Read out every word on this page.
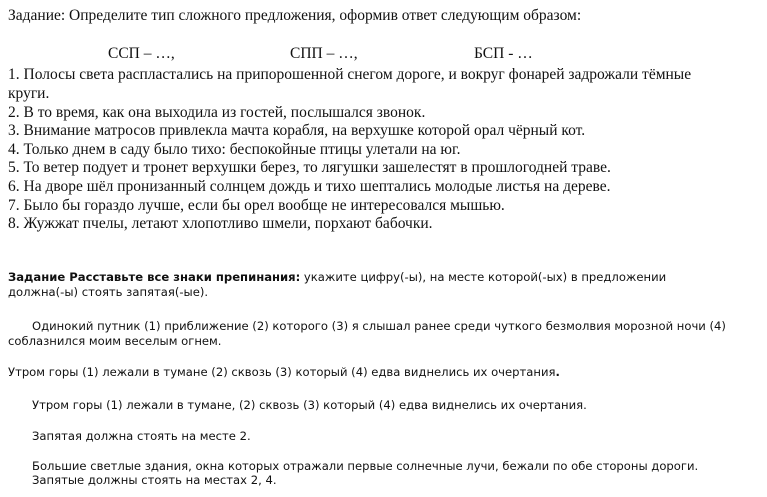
Задание: Определите тип сложного предложения, оформив ответ следующим образом:
ССП – …,	СПП – …,	БСП - …
1. Полосы света распластались на припорошенной снегом дороге, и вокруг фонарей задрожали тёмные
круги.
2. В то время, как она выходила из гостей, послышался звонок.
3. Внимание матросов привлекла мачта корабля, на верхушке которой орал чёрный кот.
4. Только днем в саду было тихо: беспокойные птицы улетали на юг.
5. То ветер подует и тронет верхушки берез, то лягушки зашелестят в прошлогодней траве.
6. На дворе шёл пронизанный солнцем дождь и тихо шептались молодые листья на дереве.
7. Было бы гораздо лучше, если бы орел вообще не интересовался мышью.
8. Жужжат пчелы, летают хлопотливо шмели, порхают бабочки.
Задание Расставьте все знаки препинания: укажите цифру(-ы), на месте которой(-ых) в предложении
должна(-ы) стоять запятая(-ые).
Одинокий путник (1) приближение (2) которого (3) я слышал ранее среди чуткого безмолвия морозной ночи (4)
соблазнился моим веселым огнем.
Утром горы (1) лежали в тумане (2) сквозь (3) который (4) едва виднелись их очертания.
Утром горы (1) лежали в тумане, (2) сквозь (3) который (4) едва виднелись их очертания.
Запятая должна стоять на месте 2.
Большие светлые здания, окна которых отражали первые солнечные лучи, бежали по обе стороны дороги.
Запятые должны стоять на местах 2, 4.
